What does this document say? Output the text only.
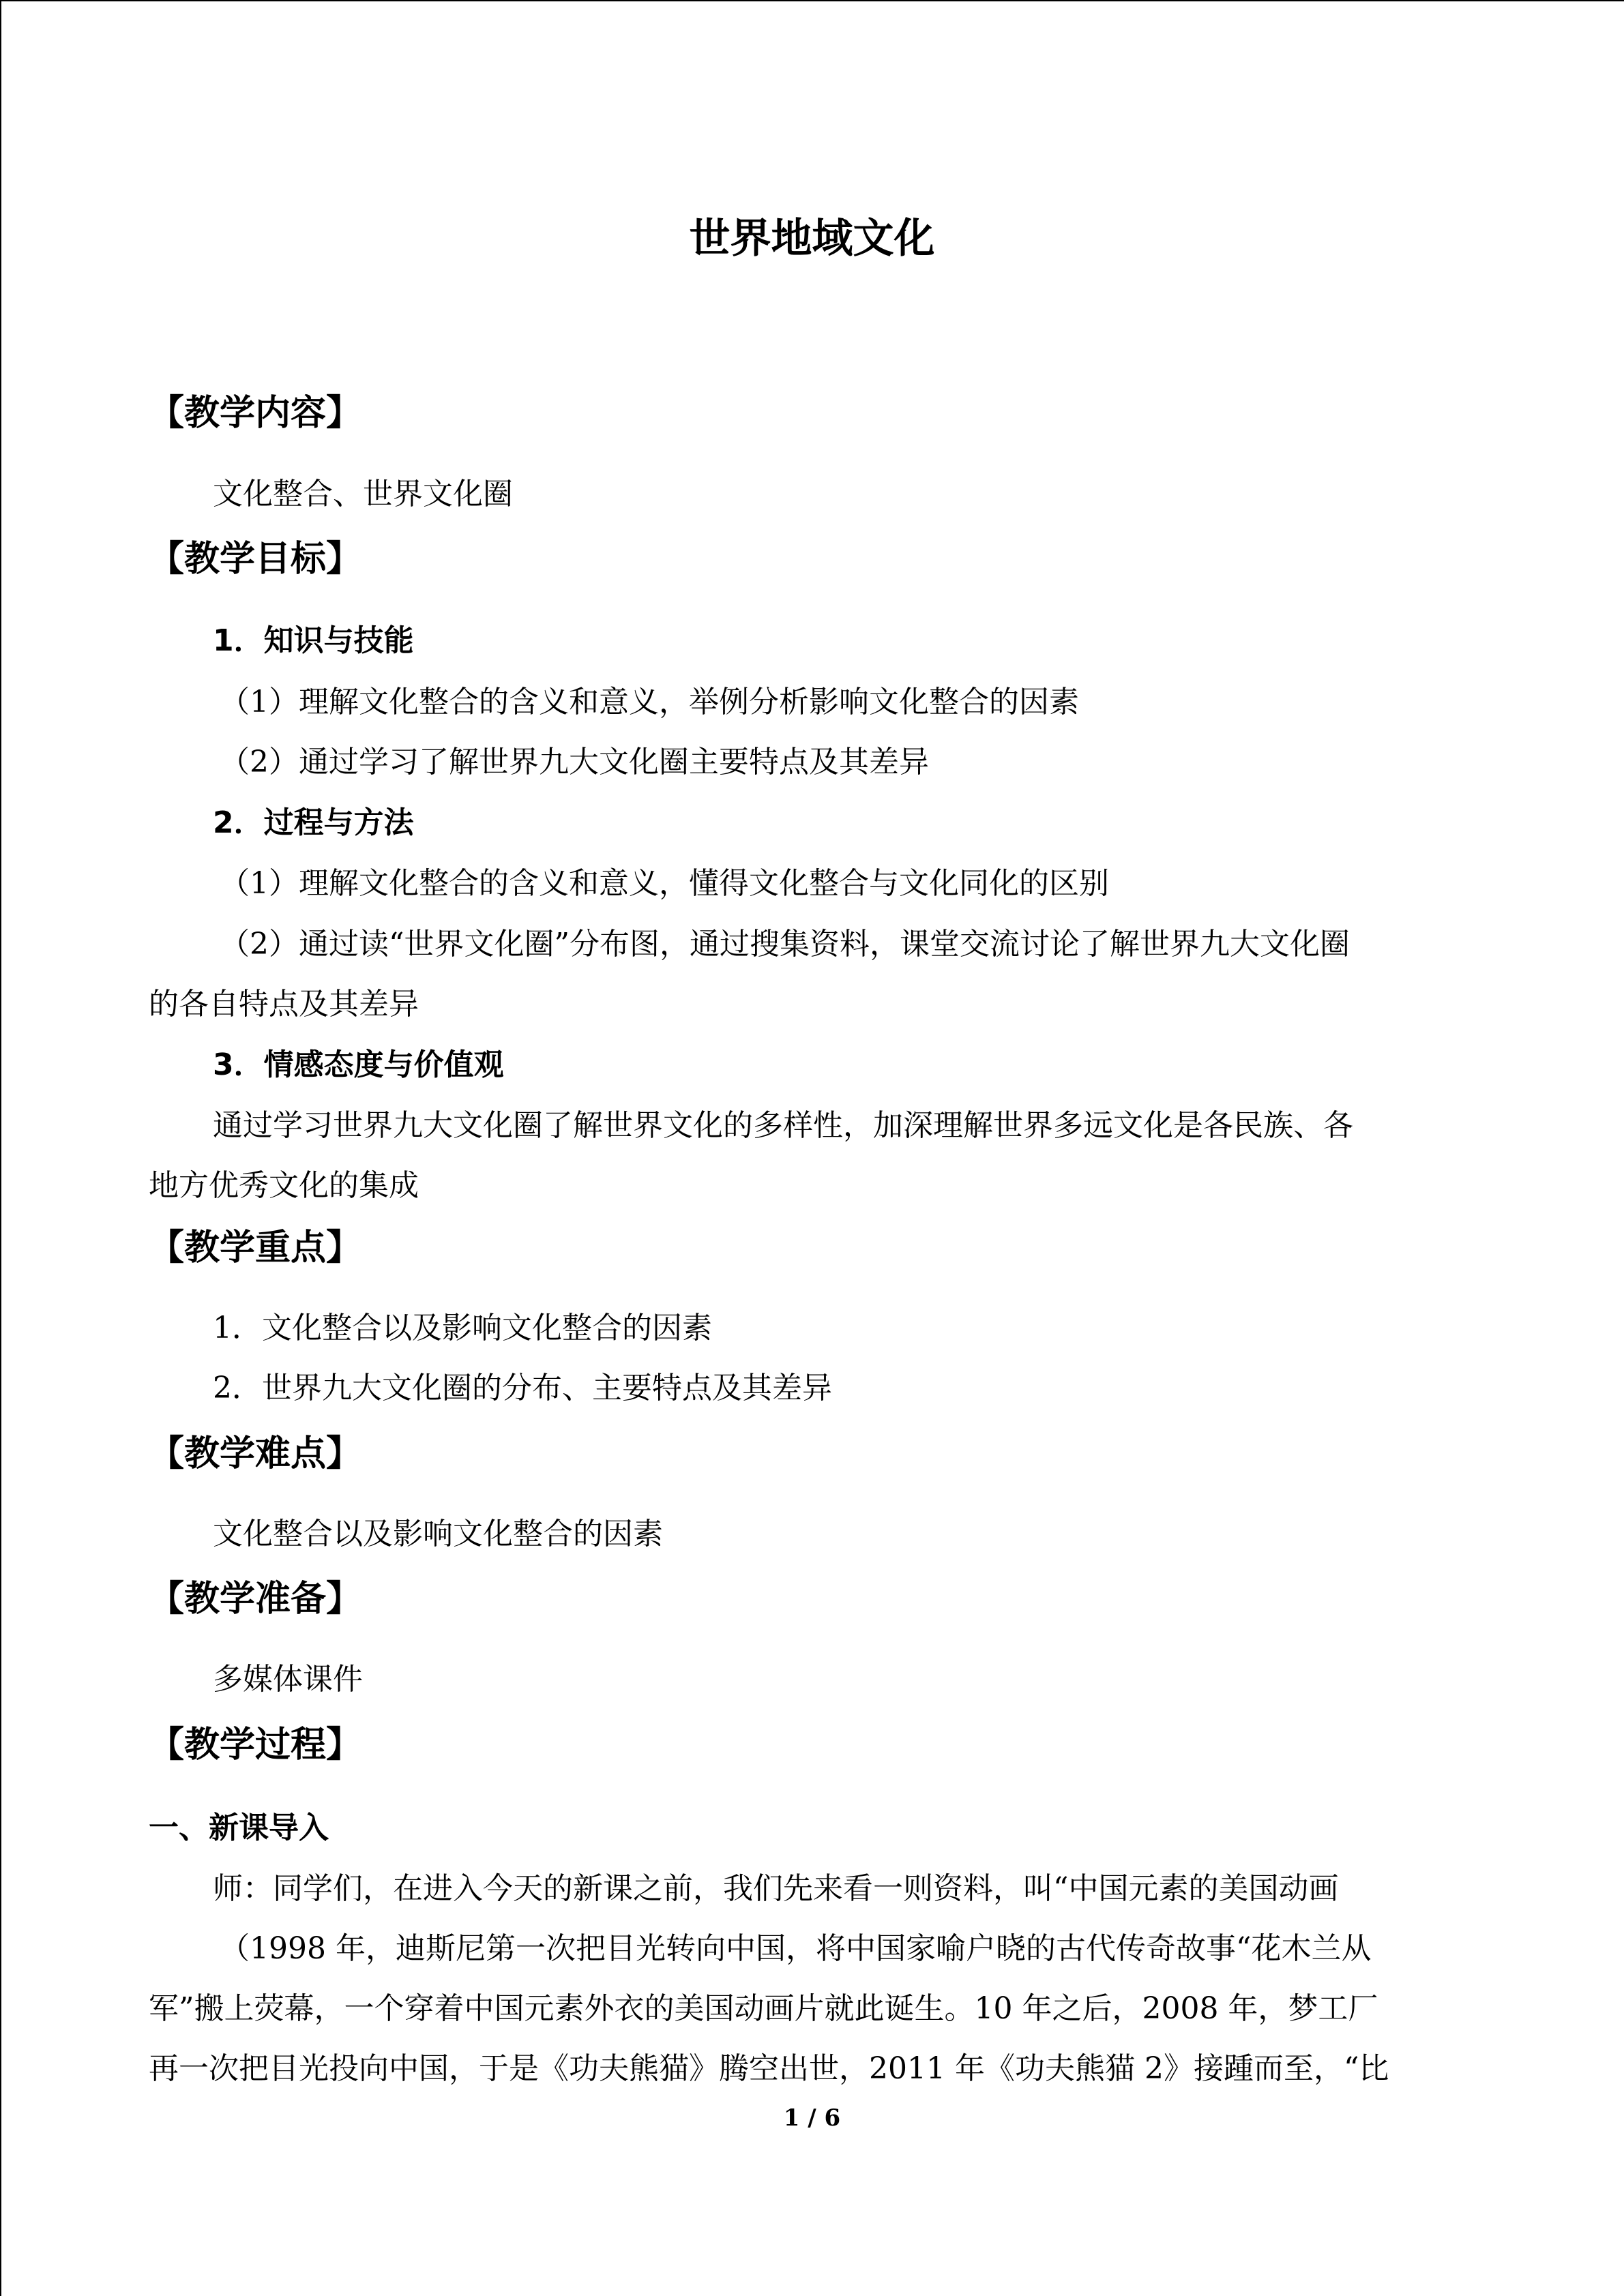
世界地域文化
【教学内容】
文化整合、世界文化圈
【教学目标】
1．知识与技能
（1）理解文化整合的含义和意义，举例分析影响文化整合的因素
（2）通过学习了解世界九大文化圈主要特点及其差异
2．过程与方法
（1）理解文化整合的含义和意义，懂得文化整合与文化同化的区别
（2）通过读“世界文化圈”分布图，通过搜集资料，课堂交流讨论了解世界九大文化圈
的各自特点及其差异
3．情感态度与价值观
通过学习世界九大文化圈了解世界文化的多样性，加深理解世界多远文化是各民族、各
地方优秀文化的集成
【教学重点】
1．文化整合以及影响文化整合的因素
2．世界九大文化圈的分布、主要特点及其差异
【教学难点】
文化整合以及影响文化整合的因素
【教学准备】
多媒体课件
【教学过程】
一、新课导入
师：同学们，在进入今天的新课之前，我们先来看一则资料，叫“中国元素的美国动画
（1998 年，迪斯尼第一次把目光转向中国，将中国家喻户晓的古代传奇故事“花木兰从
军”搬上荧幕，一个穿着中国元素外衣的美国动画片就此诞生。10 年之后，2008 年，梦工厂
再一次把目光投向中国，于是《功夫熊猫》腾空出世，2011 年《功夫熊猫 2》接踵而至，“比
1 / 6
